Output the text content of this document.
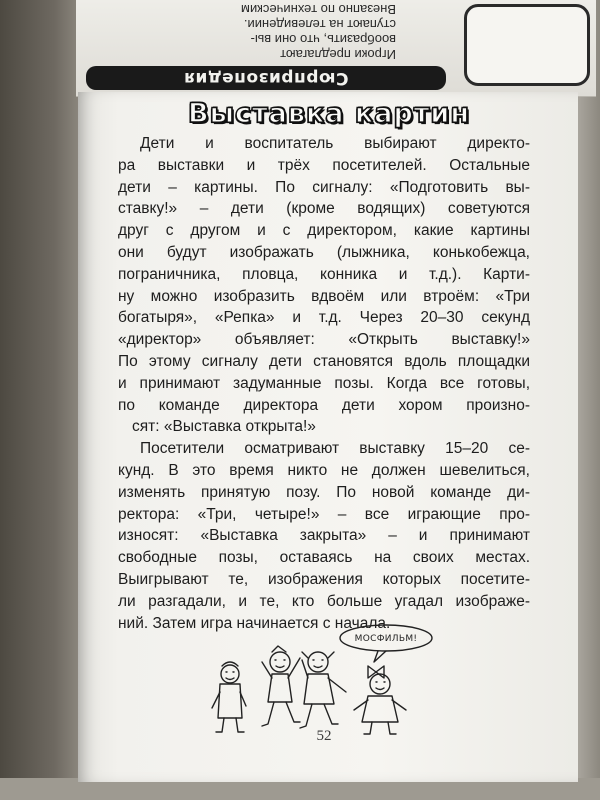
Сюрпризопедия
Игроки предлагают
вообразить, что они вы-
ступают на телевидении.
Внезапно по техническим
Выставка картин
Дети и воспитатель выбирают директо-
ра выставки и трёх посетителей. Остальные
дети – картины. По сигналу: «Подготовить вы-
ставку!» – дети (кроме водящих) советуются
друг с другом и с директором, какие картины
они будут изображать (лыжника, конькобежца,
пограничника, пловца, конника и т.д.). Карти-
ну можно изобразить вдвоём или втроём: «Три
богатыря», «Репка» и т.д. Через 20–30 секунд
«директор» объявляет: «Открыть выставку!»
По этому сигналу дети становятся вдоль площадки
и принимают задуманные позы. Когда все готовы,
по команде директора дети хором произно-
сят: «Выставка открыта!»
Посетители осматривают выставку 15–20 се-
кунд. В это время никто не должен шевелиться,
изменять принятую позу. По новой команде ди-
ректора: «Три, четыре!» – все играющие про-
износят: «Выставка закрыта» – и принимают
свободные позы, оставаясь на своих местах.
Выигрывают те, изображения которых посетите-
ли разгадали, и те, кто больше угадал изображе-
ний. Затем игра начинается с начала.
МОСФИЛЬМ!
52
